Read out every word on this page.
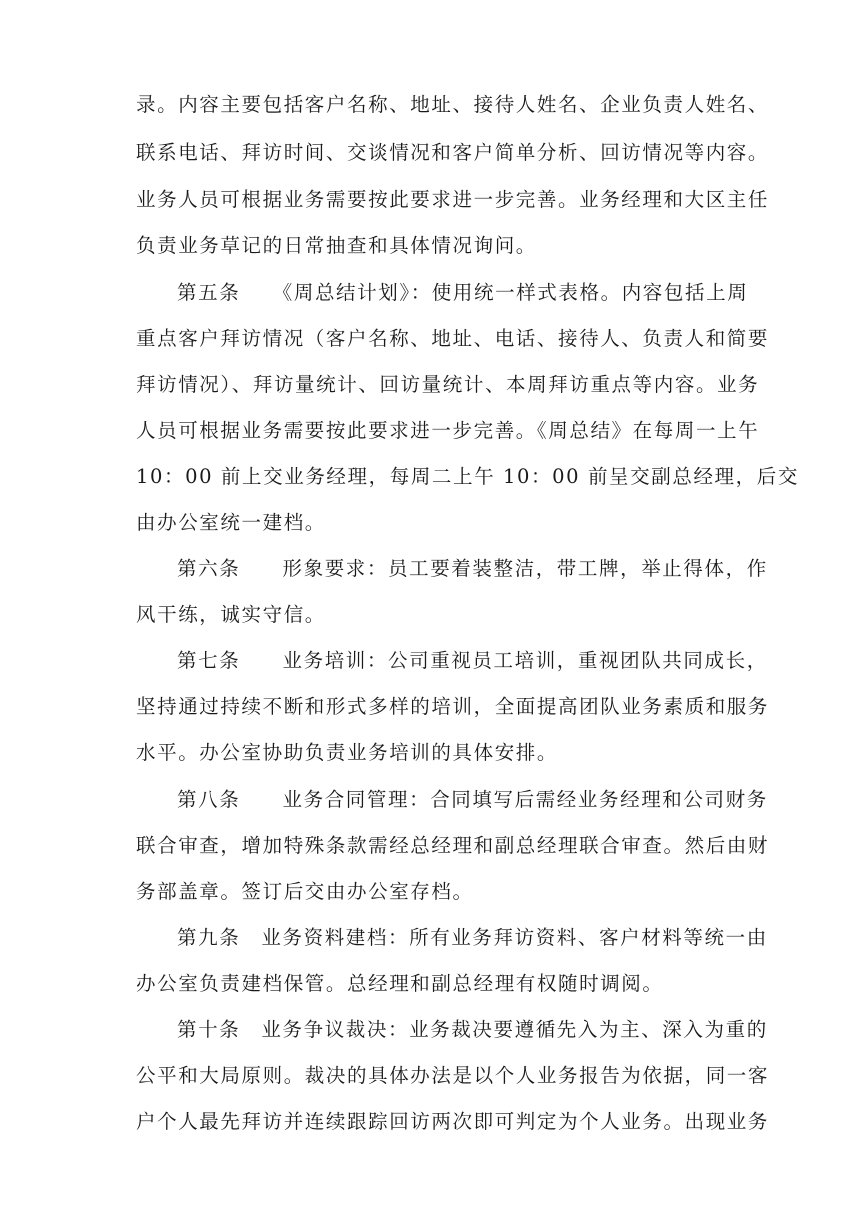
录。内容主要包括客户名称、地址、接待人姓名、企业负责人姓名、
联系电话、拜访时间、交谈情况和客户简单分析、回访情况等内容。
业务人员可根据业务需要按此要求进一步完善。业务经理和大区主任
负责业务草记的日常抽查和具体情况询问。
第五条　　《周总结计划》：使用统一样式表格。内容包括上周
重点客户拜访情况（客户名称、地址、电话、接待人、负责人和简要
拜访情况）、拜访量统计、回访量统计、本周拜访重点等内容。业务
人员可根据业务需要按此要求进一步完善。《周总结》在每周一上午
10：00 前上交业务经理，每周二上午 10：00 前呈交副总经理，后交
由办公室统一建档。
第六条　　形象要求：员工要着装整洁，带工牌，举止得体，作
风干练，诚实守信。
第七条　　业务培训：公司重视员工培训，重视团队共同成长，
坚持通过持续不断和形式多样的培训，全面提高团队业务素质和服务
水平。办公室协助负责业务培训的具体安排。
第八条　　业务合同管理：合同填写后需经业务经理和公司财务
联合审查，增加特殊条款需经总经理和副总经理联合审查。然后由财
务部盖章。签订后交由办公室存档。
第九条　业务资料建档：所有业务拜访资料、客户材料等统一由
办公室负责建档保管。总经理和副总经理有权随时调阅。
第十条　业务争议裁决：业务裁决要遵循先入为主、深入为重的
公平和大局原则。裁决的具体办法是以个人业务报告为依据，同一客
户个人最先拜访并连续跟踪回访两次即可判定为个人业务。出现业务
